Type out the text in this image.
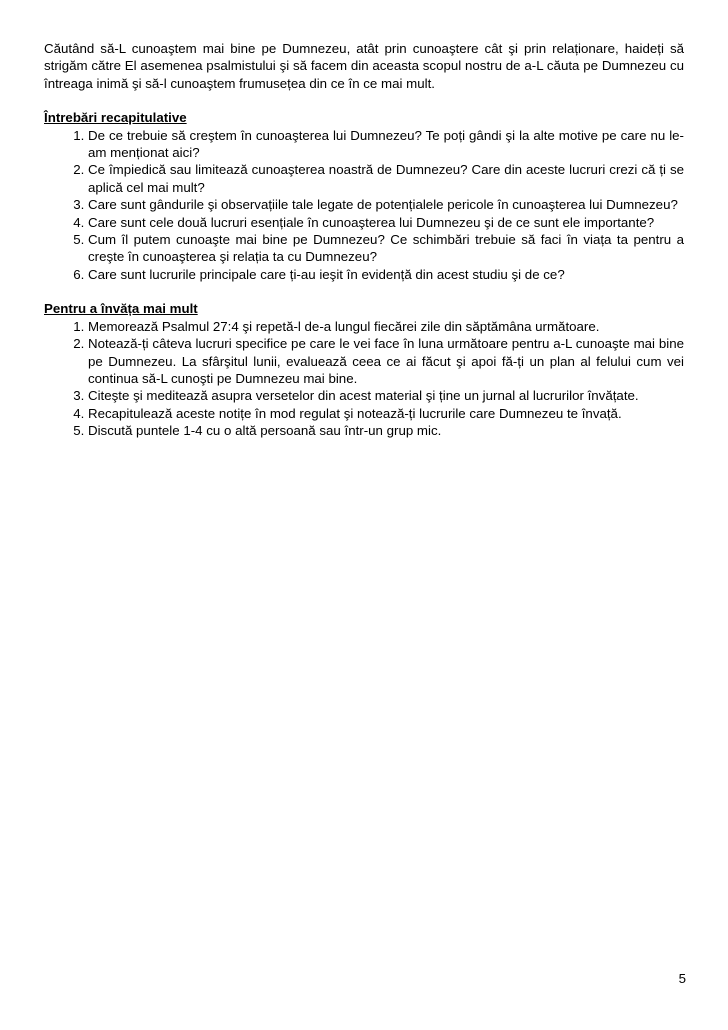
Căutând să-L cunoaştem mai bine pe Dumnezeu, atât prin cunoaştere cât şi prin relaționare, haideți să strigăm către El asemenea psalmistului şi să facem din aceasta scopul nostru de a-L căuta pe Dumnezeu cu întreaga inimă şi să-l cunoaştem frumusețea din ce în ce mai mult.

Întrebări recapitulative

1. De ce trebuie să creştem în cunoaşterea lui Dumnezeu? Te poți gândi şi la alte motive pe care nu le-am menționat aici?
2. Ce împiedică sau limitează cunoaşterea noastră de Dumnezeu? Care din aceste lucruri crezi că ți se aplică cel mai mult?
3. Care sunt gândurile şi observațiile tale legate de potențialele pericole în cunoaşterea lui Dumnezeu?
4. Care sunt cele două lucruri esențiale în cunoaşterea lui Dumnezeu şi de ce sunt ele importante?
5. Cum îl putem cunoaşte mai bine pe Dumnezeu? Ce schimbări trebuie să faci în viața ta pentru a creşte în cunoaşterea şi relația ta cu Dumnezeu?
6. Care sunt lucrurile principale care ți-au ieşit în evidență din acest studiu şi de ce?

Pentru a învăța mai mult

1. Memorează Psalmul 27:4 şi repetă-l de-a lungul fiecărei zile din săptămâna următoare.
2. Notează-ți câteva lucruri specifice pe care le vei face în luna următoare pentru a-L cunoaşte mai bine pe Dumnezeu. La sfârşitul lunii, evaluează ceea ce ai făcut şi apoi fă-ți un plan al felului cum vei continua să-L cunoşti pe Dumnezeu mai bine.
3. Citeşte şi meditează asupra versetelor din acest material şi ține un jurnal al lucrurilor învățate.
4. Recapitulează aceste notițe în mod regulat şi notează-ți lucrurile care Dumnezeu te învață.
5. Discută puntele 1-4 cu o altă persoană sau într-un grup mic.
5
